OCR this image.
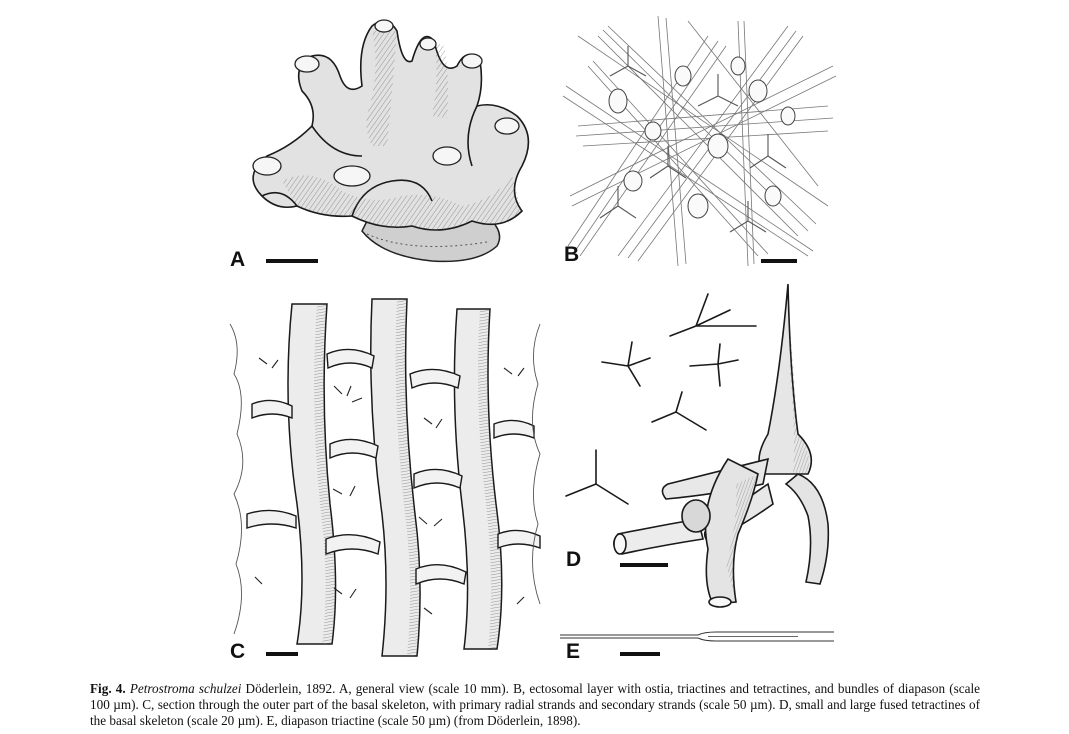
A	B
C
D
E
Fig. 4. Petrostroma schulzei Döderlein, 1892. A, general view (scale 10 mm). B, ectosomal layer with ostia, triactines and tetractines, and bundles of diapason (scale 100 µm). C, section through the outer part of the basal skeleton, with primary radial strands and secondary strands (scale 50 µm). D, small and large fused tetractines of the basal skeleton (scale 20 µm). E, diapason triactine (scale 50 µm) (from Döderlein, 1898).
